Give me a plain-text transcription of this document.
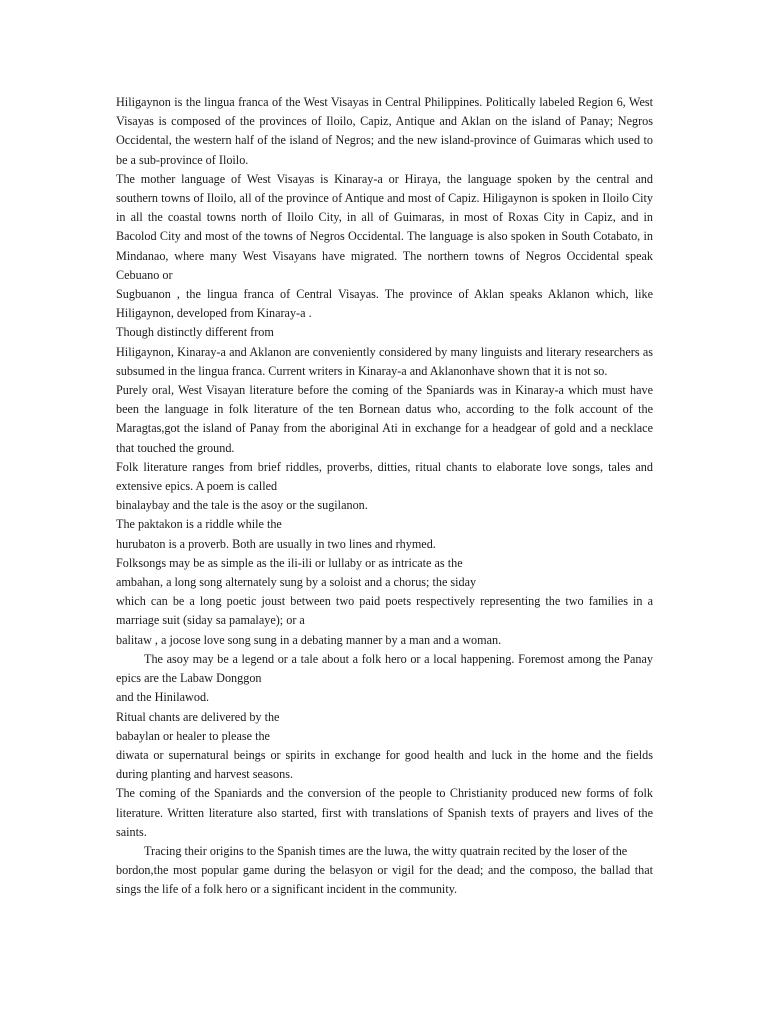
Hiligaynon is the lingua franca of the West Visayas in Central Philippines. Politically labeled Region 6, West Visayas is composed of the provinces of Iloilo, Capiz, Antique and Aklan on the island of Panay; Negros Occidental, the western half of the island of Negros; and the new island-province of Guimaras which used to be a sub-province of Iloilo.

The mother language of West Visayas is Kinaray-a or Hiraya, the language spoken by the central and southern towns of Iloilo, all of the province of Antique and most of Capiz. Hiligaynon is spoken in Iloilo City in all the coastal towns north of Iloilo City, in all of Guimaras, in most of Roxas City in Capiz, and in Bacolod City and most of the towns of Negros Occidental. The language is also spoken in South Cotabato, in Mindanao, where many West Visayans have migrated. The northern towns of Negros Occidental speak Cebuano or

Sugbuanon , the lingua franca of Central Visayas. The province of Aklan speaks Aklanon which, like Hiligaynon, developed from Kinaray-a .

Though distinctly different from

Hiligaynon, Kinaray-a and Aklanon are conveniently considered by many linguists and literary researchers as subsumed in the lingua franca. Current writers in Kinaray-a and Aklanonhave shown that it is not so.

Purely oral, West Visayan literature before the coming of the Spaniards was in Kinaray-a which must have been the language in folk literature of the ten Bornean datus who, according to the folk account of the Maragtas,got the island of Panay from the aboriginal Ati in exchange for a headgear of gold and a necklace that touched the ground.

Folk literature ranges from brief riddles, proverbs, ditties, ritual chants to elaborate love songs, tales and extensive epics. A poem is called

binalaybay and the tale is the asoy or the sugilanon.

The paktakon is a riddle while the

hurubaton is a proverb. Both are usually in two lines and rhymed.

Folksongs may be as simple as the ili-ili or lullaby or as intricate as the

ambahan, a long song alternately sung by a soloist and a chorus; the siday

which can be a long poetic joust between two paid poets respectively representing the two families in a marriage suit (siday sa pamalaye); or a

balitaw , a jocose love song sung in a debating manner by a man and a woman.

The asoy may be a legend or a tale about a folk hero or a local happening. Foremost among the Panay epics are the Labaw Donggon

and the Hinilawod.

Ritual chants are delivered by the

babaylan or healer to please the

diwata or supernatural beings or spirits in exchange for good health and luck in the home and the fields during planting and harvest seasons.

The coming of the Spaniards and the conversion of the people to Christianity produced new forms of folk literature. Written literature also started, first with translations of Spanish texts of prayers and lives of the saints.

Tracing their origins to the Spanish times are the luwa, the witty quatrain recited by the loser of the

bordon,the most popular game during the belasyon or vigil for the dead; and the composo, the ballad that sings the life of a folk hero or a significant incident in the community.
